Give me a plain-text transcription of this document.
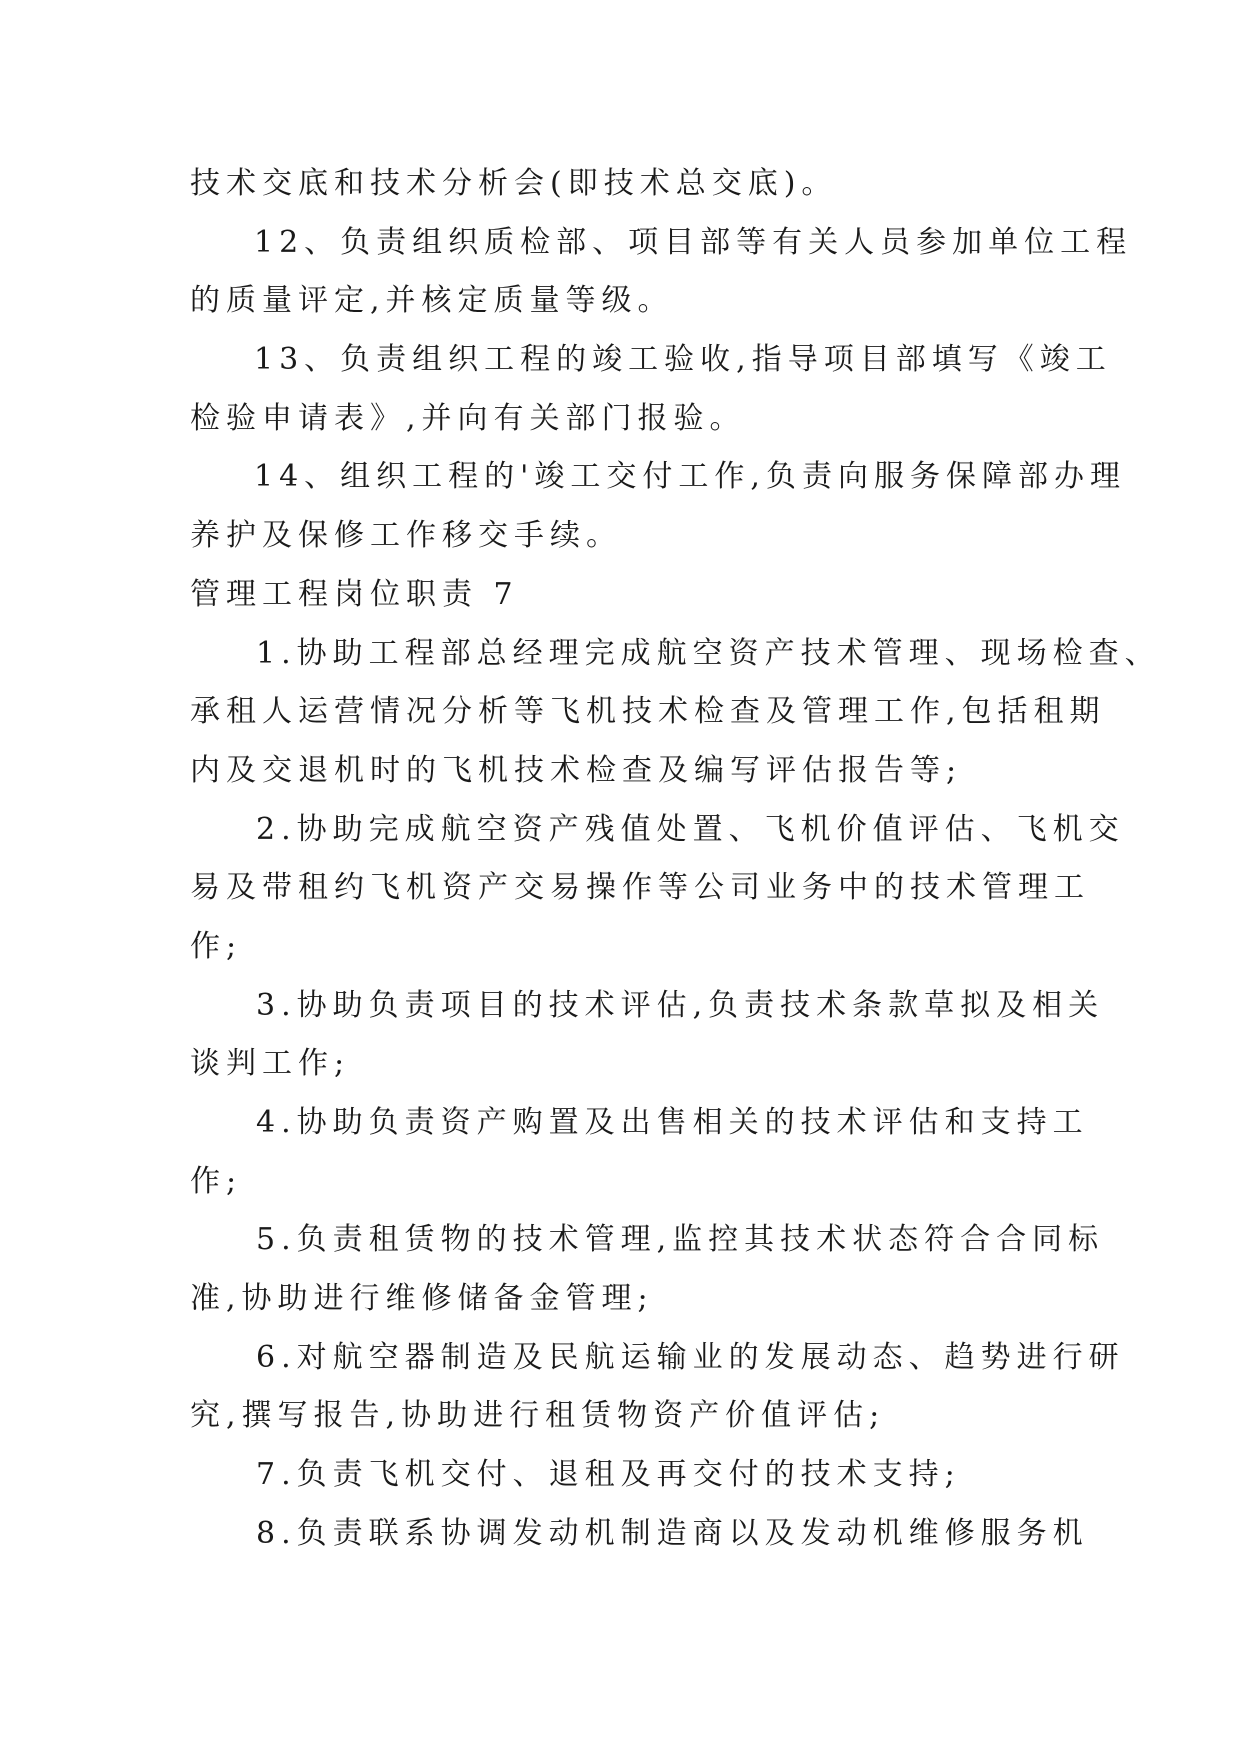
技术交底和技术分析会(即技术总交底)。
12、负责组织质检部、项目部等有关人员参加单位工程
的质量评定,并核定质量等级。
13、负责组织工程的竣工验收,指导项目部填写《竣工
检验申请表》,并向有关部门报验。
14、组织工程的'竣工交付工作,负责向服务保障部办理
养护及保修工作移交手续。
管理工程岗位职责 7
1.协助工程部总经理完成航空资产技术管理、现场检查、
承租人运营情况分析等飞机技术检查及管理工作,包括租期
内及交退机时的飞机技术检查及编写评估报告等;
2.协助完成航空资产残值处置、飞机价值评估、飞机交
易及带租约飞机资产交易操作等公司业务中的技术管理工
作;
3.协助负责项目的技术评估,负责技术条款草拟及相关
谈判工作;
4.协助负责资产购置及出售相关的技术评估和支持工
作;
5.负责租赁物的技术管理,监控其技术状态符合合同标
准,协助进行维修储备金管理;
6.对航空器制造及民航运输业的发展动态、趋势进行研
究,撰写报告,协助进行租赁物资产价值评估;
7.负责飞机交付、退租及再交付的技术支持;
8.负责联系协调发动机制造商以及发动机维修服务机
